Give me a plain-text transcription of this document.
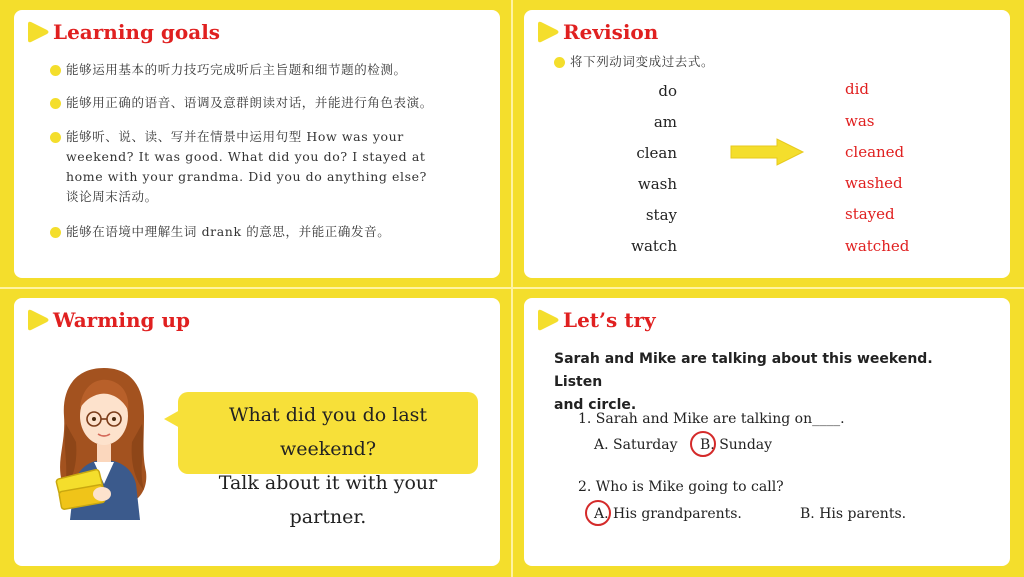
Learning goals
能够运用基本的听力技巧完成听后主旨题和细节题的检测。
能够用正确的语音、语调及意群朗读对话，并能进行角色表演。
能够听、说、读、写并在情景中运用句型 How was your
weekend? It was good. What did you do? I stayed at
home with your grandma. Did you do anything else?
谈论周末活动。
能够在语境中理解生词 drank 的意思，并能正确发音。
Revision
将下列动词变成过去式。
do
am
clean
wash
stay
watch
did
was
cleaned
washed
stayed
watched
Warming up
What did you do last weekend?
Talk about it with your partner.
Let’s try
Sarah and Mike are talking about this weekend. Listen
and circle.
1. Sarah and Mike are talking on____.
A. Saturday B. Sunday
2. Who is Mike going to call?
A. His grandparents.	B. His parents.
